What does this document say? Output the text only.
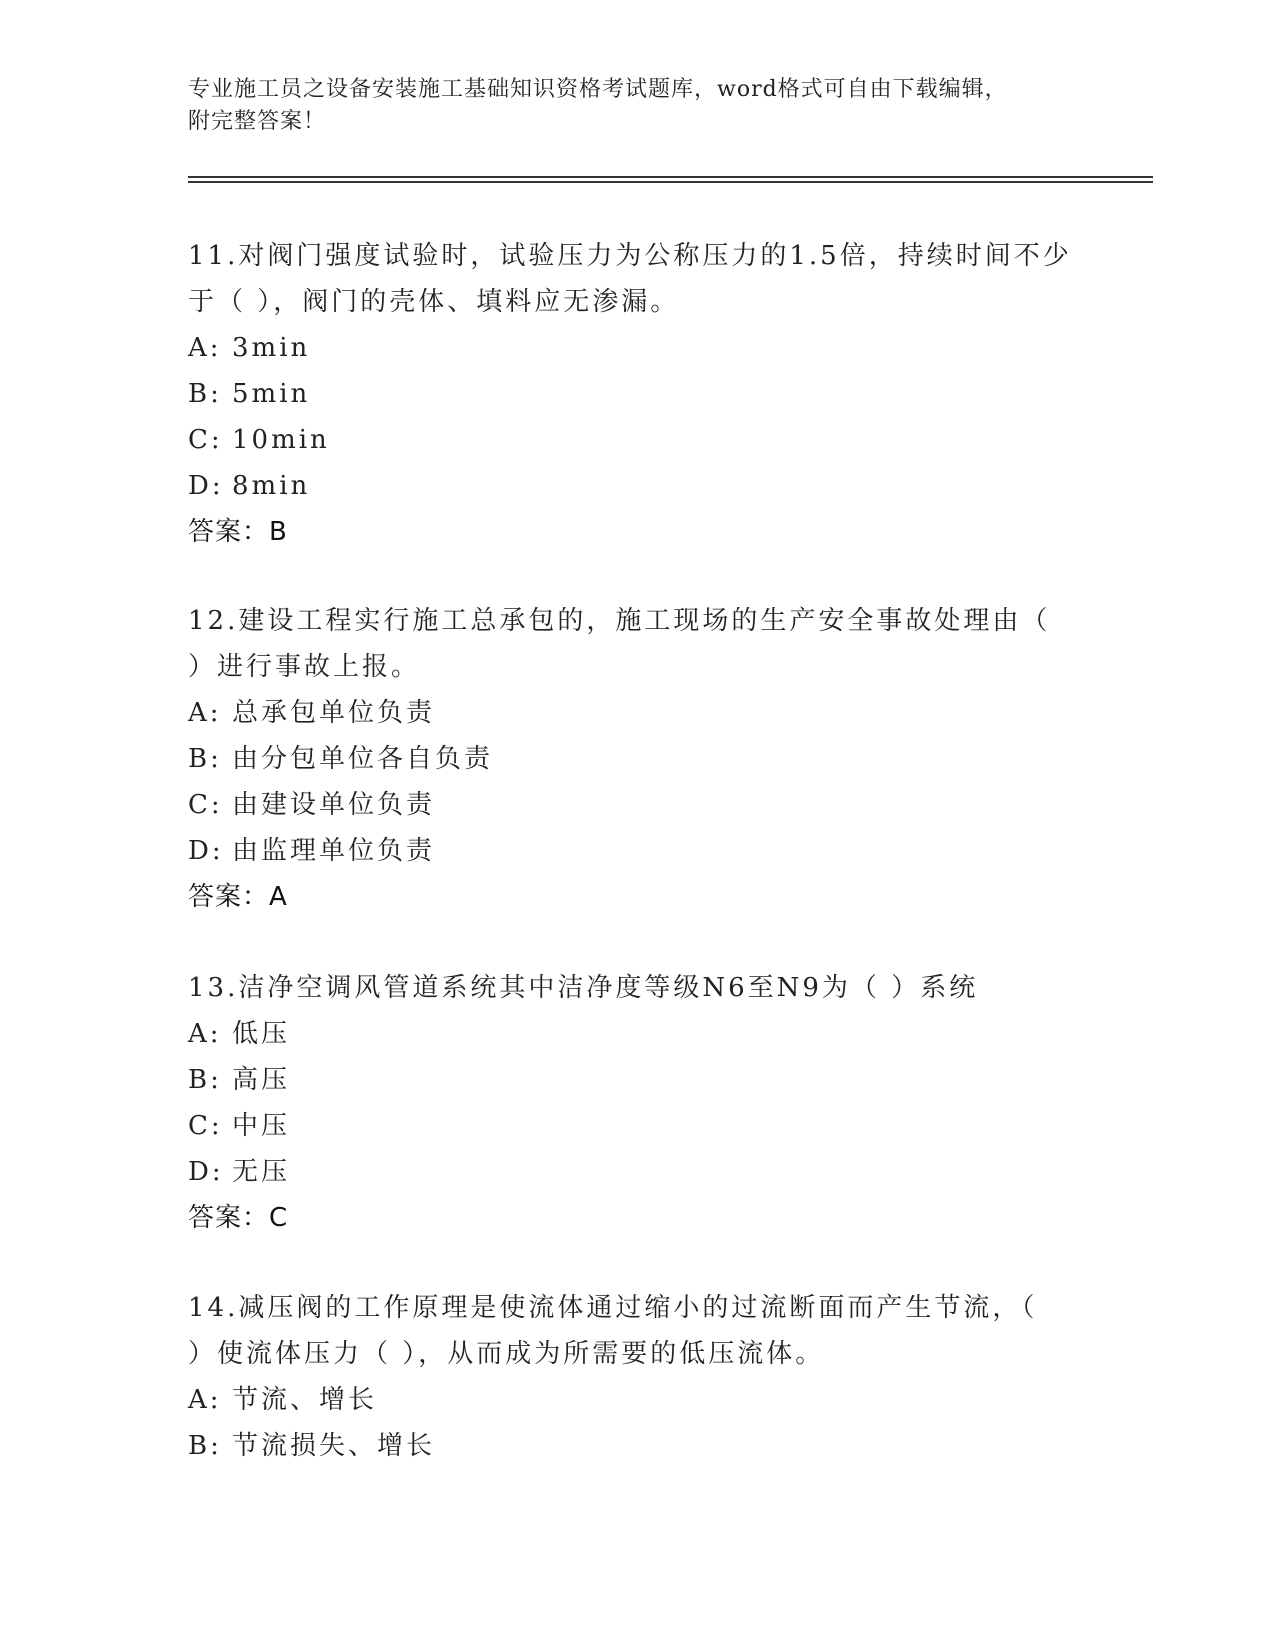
专业施工员之设备安装施工基础知识资格考试题库，word格式可自由下载编辑，
附完整答案！
11.对阀门强度试验时，试验压力为公称压力的1.5倍，持续时间不少
于（ ），阀门的壳体、填料应无渗漏。
A: 3min
B: 5min
C: 10min
D: 8min
答案：B
12.建设工程实行施工总承包的，施工现场的生产安全事故处理由（
）进行事故上报。
A: 总承包单位负责
B: 由分包单位各自负责
C: 由建设单位负责
D: 由监理单位负责
答案：A
13.洁净空调风管道系统其中洁净度等级N6至N9为（ ）系统
A: 低压
B: 高压
C: 中压
D: 无压
答案：C
14.减压阀的工作原理是使流体通过缩小的过流断面而产生节流，（
）使流体压力（ ），从而成为所需要的低压流体。
A: 节流、增长
B: 节流损失、增长
